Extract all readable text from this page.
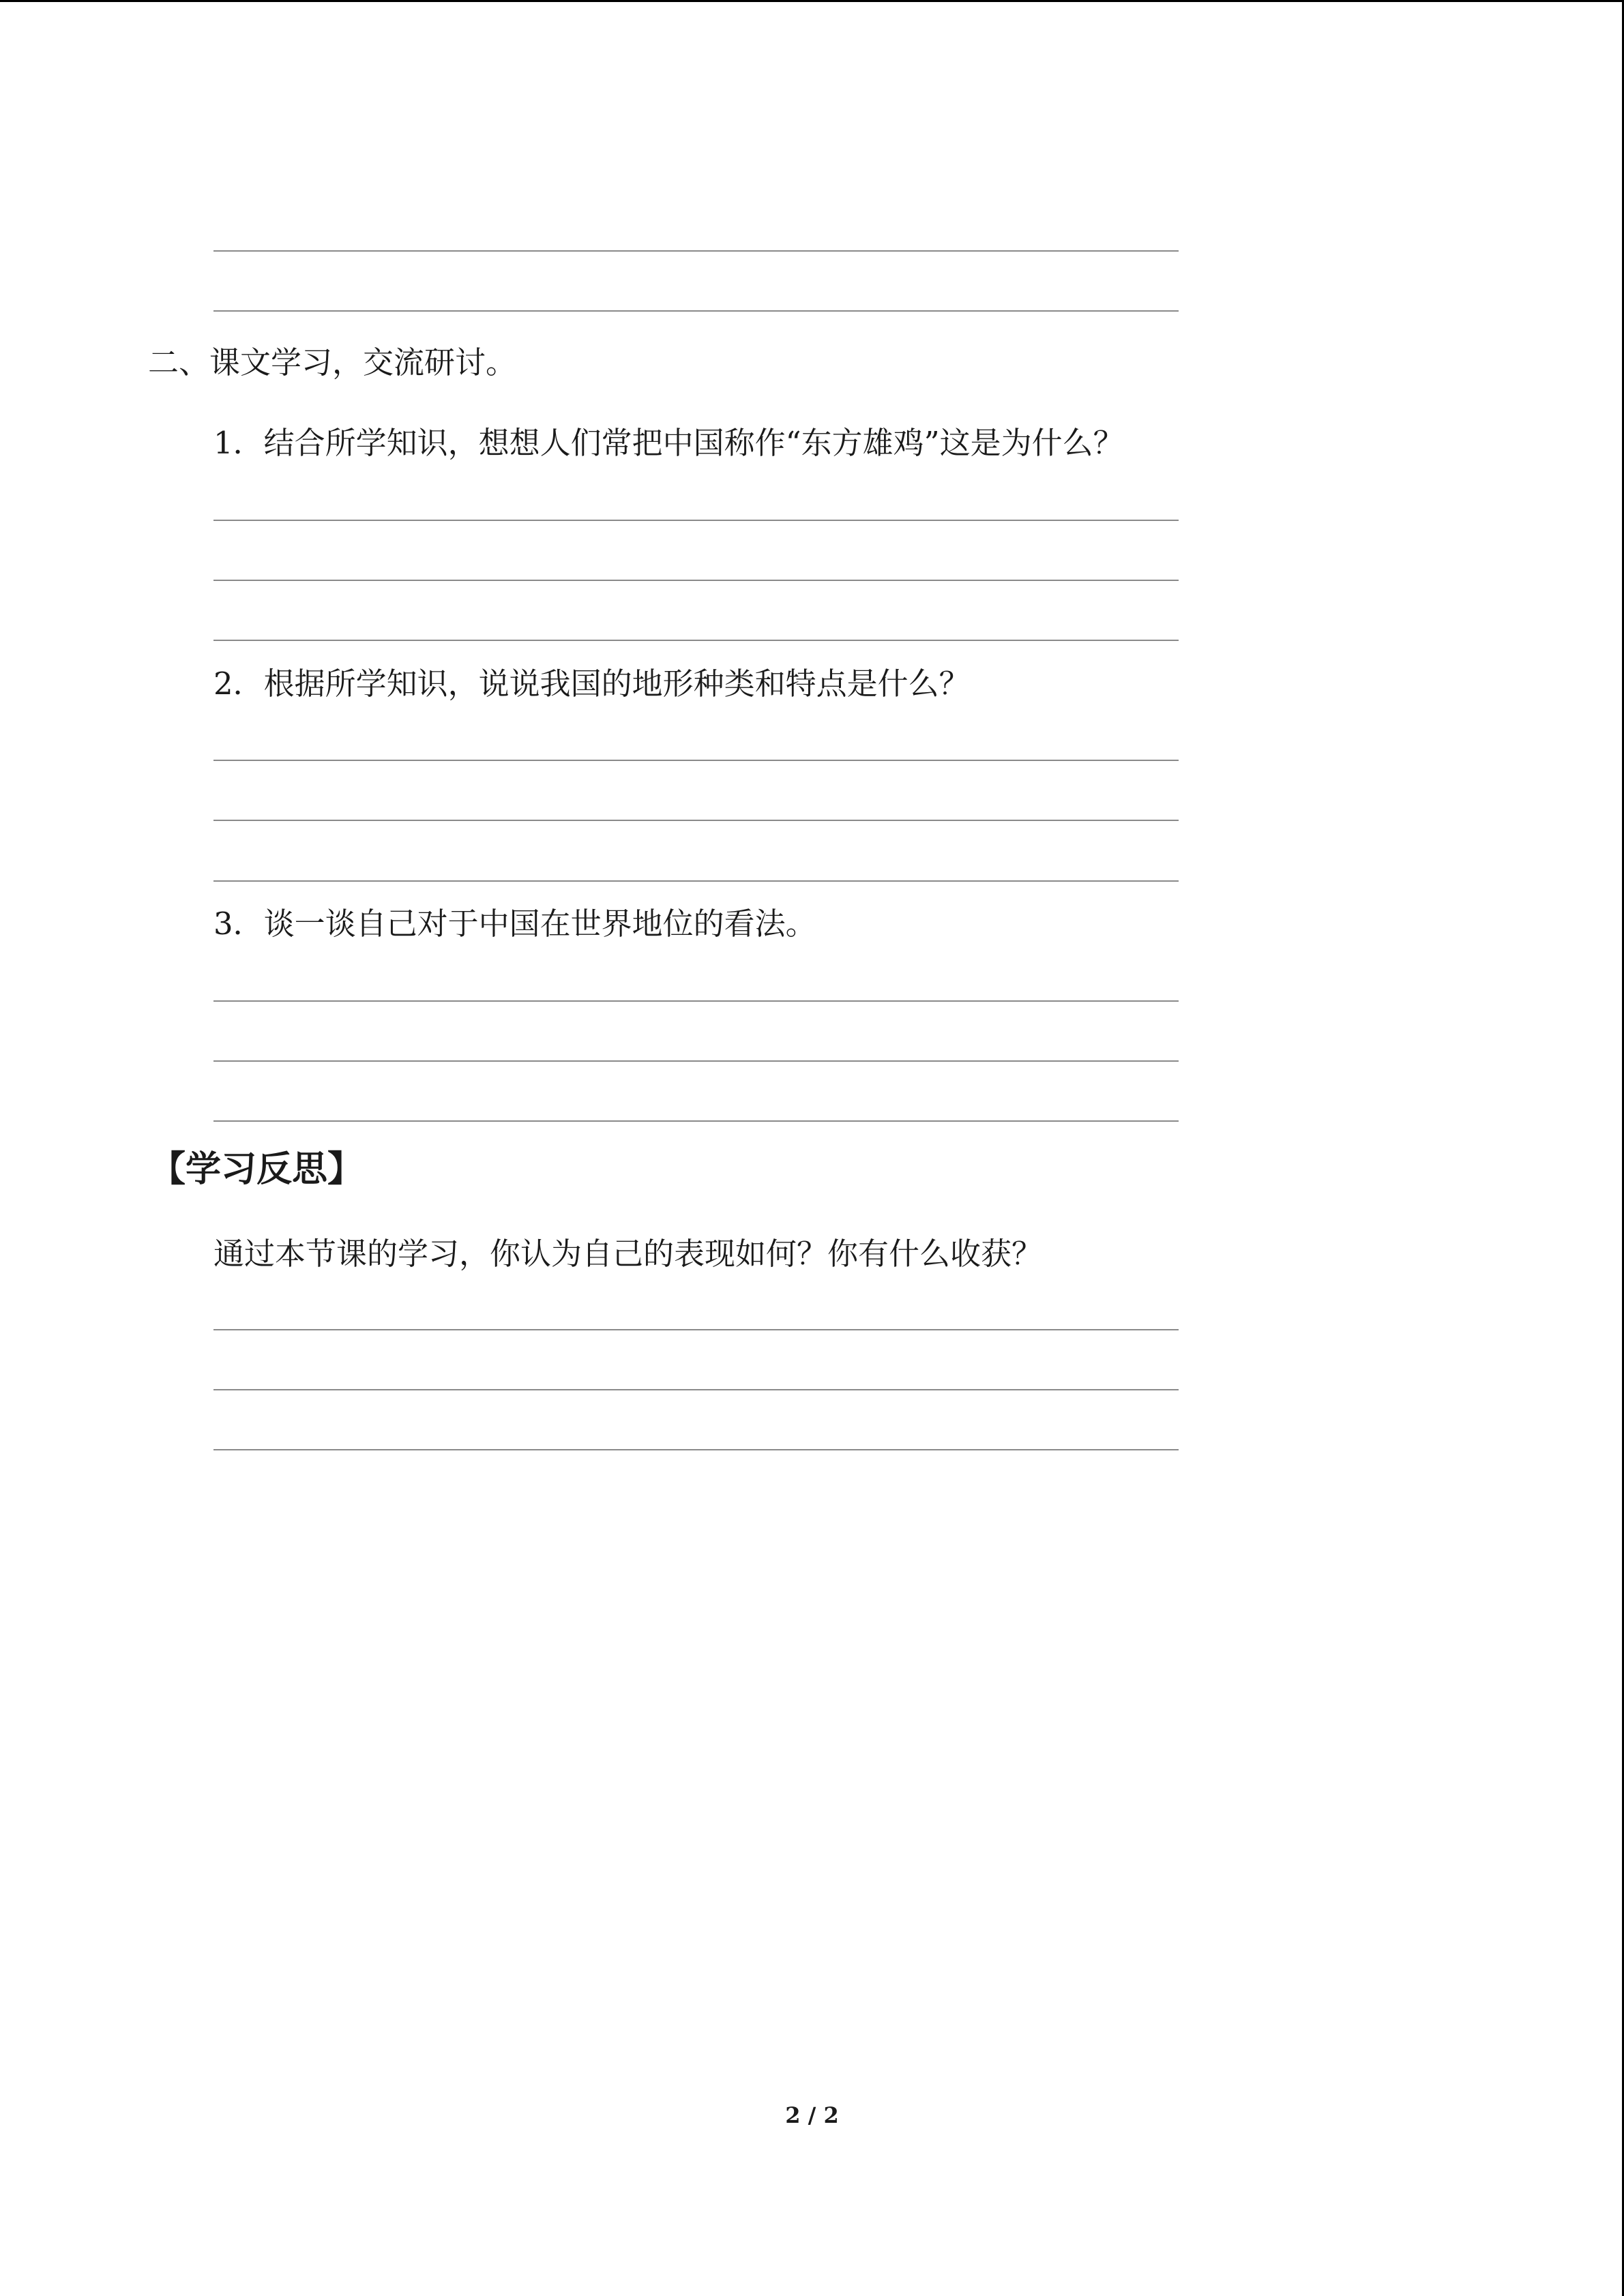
二、课文学习，交流研讨。
1．结合所学知识，想想人们常把中国称作“东方雄鸡”这是为什么？
2．根据所学知识，说说我国的地形种类和特点是什么？
3．谈一谈自己对于中国在世界地位的看法。
【学习反思】
通过本节课的学习，你认为自己的表现如何？你有什么收获？
2 / 2
